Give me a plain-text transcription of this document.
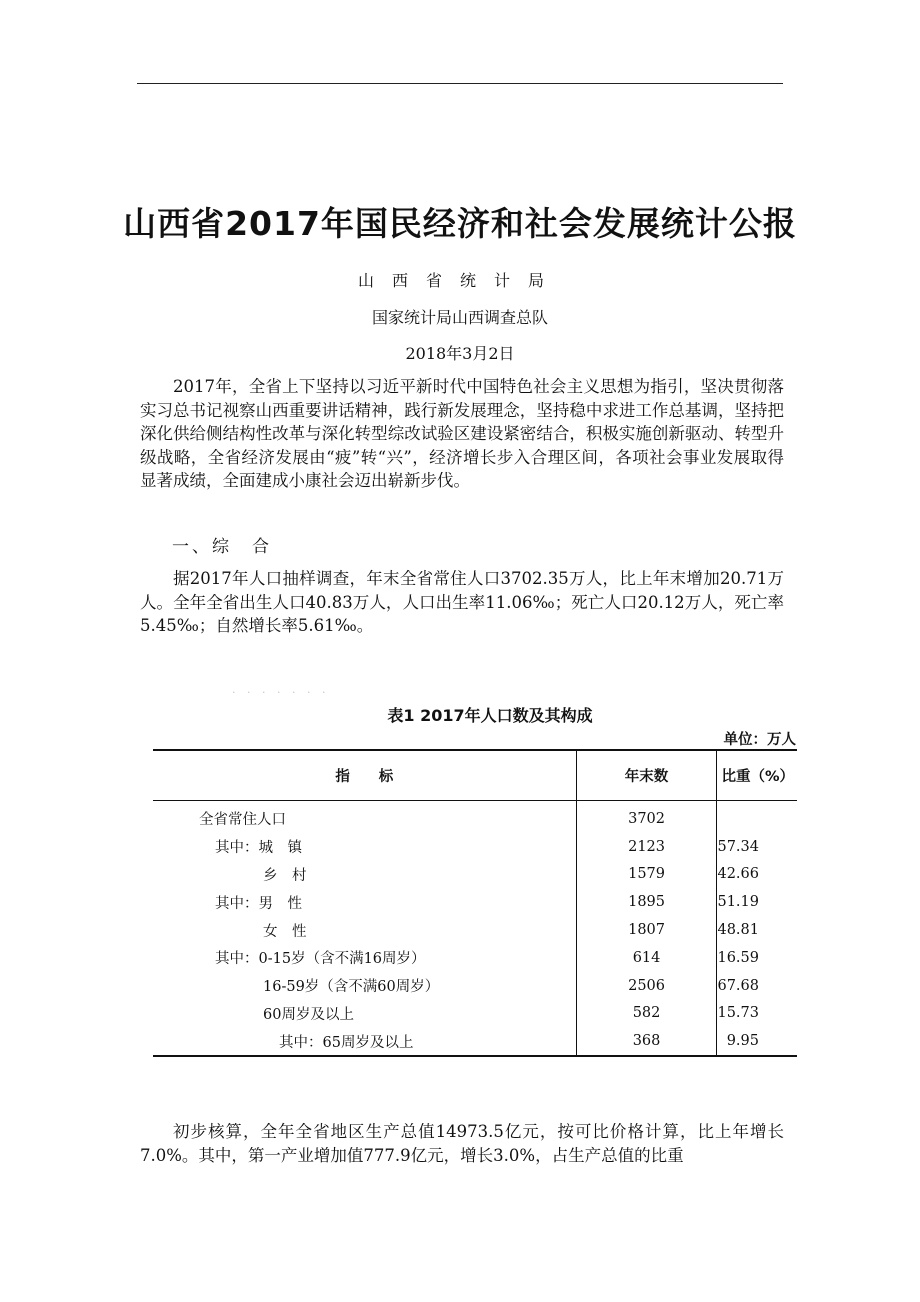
山西省2017年国民经济和社会发展统计公报
山西省统计局
国家统计局山西调查总队
2018年3月2日

2017年，全省上下坚持以习近平新时代中国特色社会主义思想为指引，坚决贯彻落实习总书记视察山西重要讲话精神，践行新发展理念，坚持稳中求进工作总基调，坚持把深化供给侧结构性改革与深化转型综改试验区建设紧密结合，积极实施创新驱动、转型升级战略，全省经济发展由“疲”转“兴”，经济增长步入合理区间，各项社会事业发展取得显著成绩，全面建成小康社会迈出崭新步伐。

一、综　合

据2017年人口抽样调查，年末全省常住人口3702.35万人，比上年末增加20.71万人。全年全省出生人口40.83万人，人口出生率11.06‰；死亡人口20.12万人，死亡率5.45‰；自然增长率5.61‰。

· · · · · · ·
表1 2017年人口数及其构成
单位：万人
指　　标	年末数	比重（%）
全省常住人口	3702	
其中：城　镇	2123	57.34
乡　村	1579	42.66
其中：男　性	1895	51.19
女　性	1807	48.81
其中：0-15岁（含不满16周岁）	614	16.59
16-59岁（含不满60周岁）	2506	67.68
60周岁及以上	582	15.73
其中：65周岁及以上	368	9.95

初步核算，全年全省地区生产总值14973.5亿元，按可比价格计算，比上年增长7.0%。其中，第一产业增加值777.9亿元，增长3.0%，占生产总值的比重
